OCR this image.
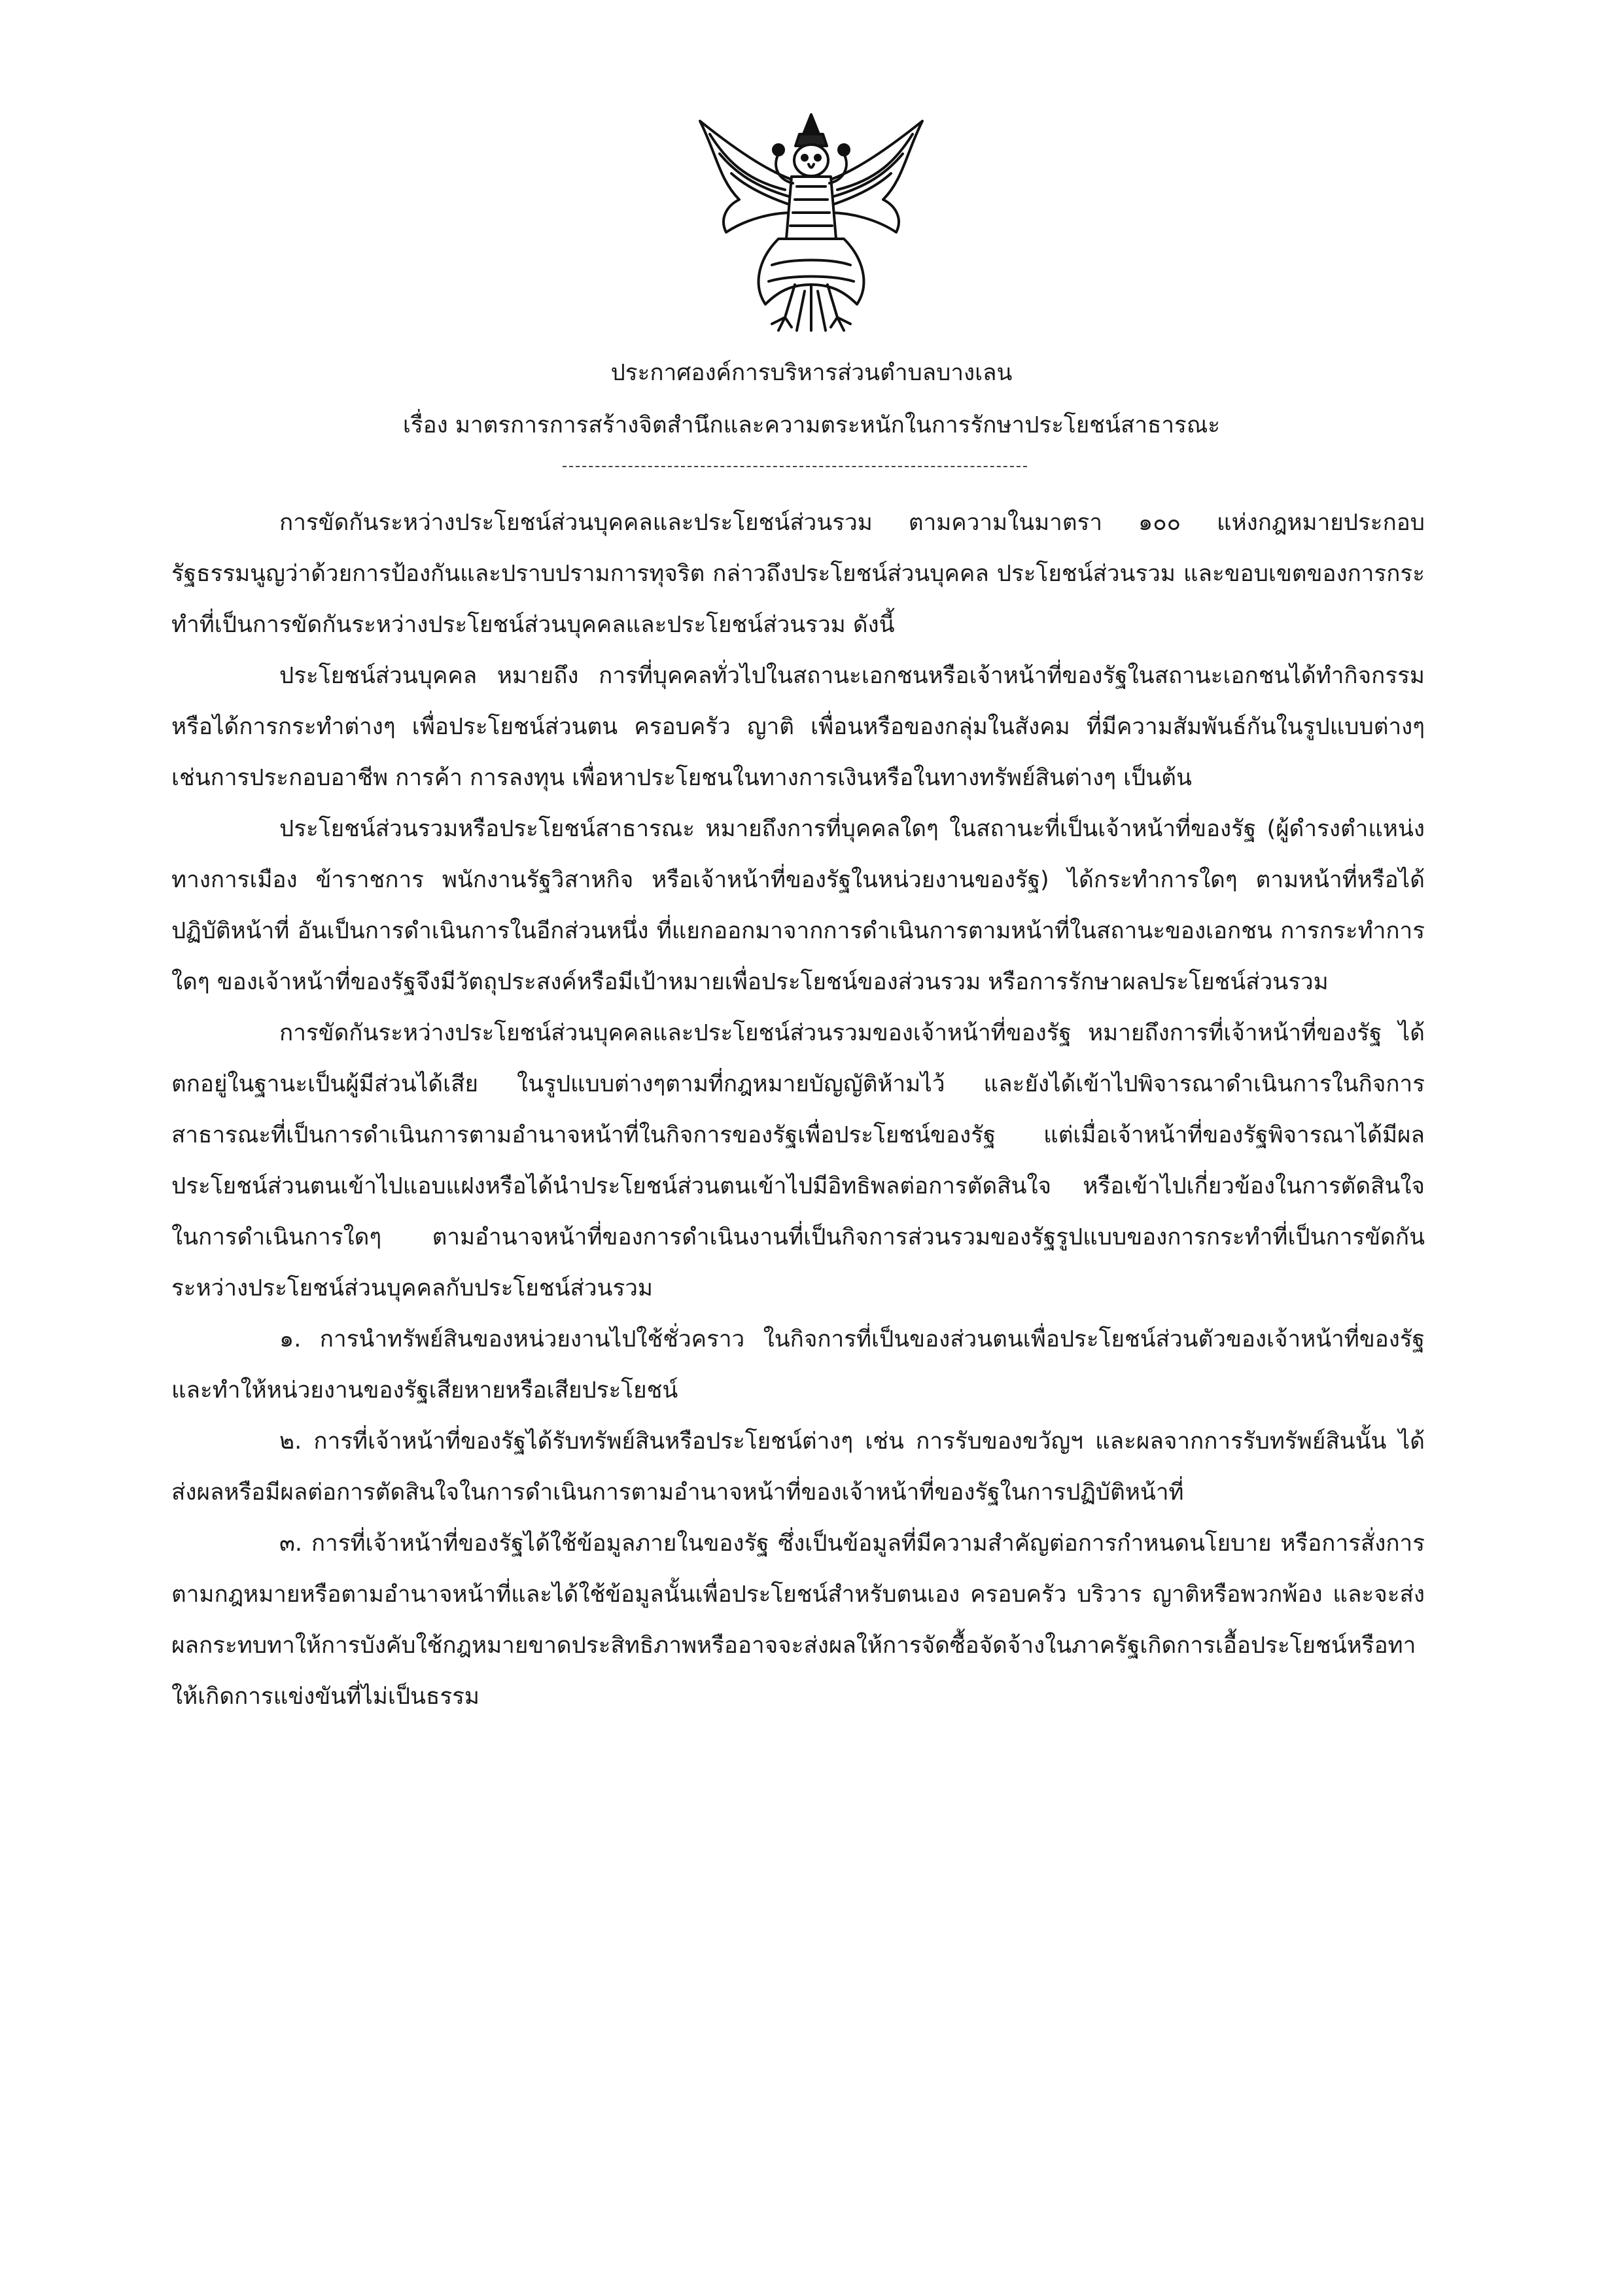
ประกาศองค์การบริหารส่วนตำบลบางเลน
เรื่อง มาตรการการสร้างจิตสำนึกและความตระหนักในการรักษาประโยชน์สาธารณะ

การขัดกันระหว่างประโยชน์ส่วนบุคคลและประโยชน์ส่วนรวม ตามความในมาตรา ๑๐๐ แห่งกฎหมายประกอบรัฐธรรมนูญว่าด้วยการป้องกันและปราบปรามการทุจริต กล่าวถึงประโยชน์ส่วนบุคคล ประโยชน์ส่วนรวม และขอบเขตของการกระทำที่เป็นการขัดกันระหว่างประโยชน์ส่วนบุคคลและประโยชน์ส่วนรวม ดังนี้

ประโยชน์ส่วนบุคคล หมายถึง การที่บุคคลทั่วไปในสถานะเอกชนหรือเจ้าหน้าที่ของรัฐในสถานะเอกชนได้ทำกิจกรรมหรือได้การกระทำต่างๆ เพื่อประโยชน์ส่วนตน ครอบครัว ญาติ เพื่อนหรือของกลุ่มในสังคม ที่มีความสัมพันธ์กันในรูปแบบต่างๆ เช่นการประกอบอาชีพ การค้า การลงทุน เพื่อหาประโยชนในทางการเงินหรือในทางทรัพย์สินต่างๆ เป็นต้น

ประโยชน์ส่วนรวมหรือประโยชน์สาธารณะ หมายถึงการที่บุคคลใดๆ ในสถานะที่เป็นเจ้าหน้าที่ของรัฐ (ผู้ดำรงตำแหน่งทางการเมือง ข้าราชการ พนักงานรัฐวิสาหกิจ หรือเจ้าหน้าที่ของรัฐในหน่วยงานของรัฐ) ได้กระทำการใดๆ ตามหน้าที่หรือได้ปฏิบัติหน้าที่ อันเป็นการดำเนินการในอีกส่วนหนึ่ง ที่แยกออกมาจากการดำเนินการตามหน้าที่ในสถานะของเอกชน การกระทำการใดๆ ของเจ้าหน้าที่ของรัฐจึงมีวัตถุประสงค์หรือมีเป้าหมายเพื่อประโยชน์ของส่วนรวม หรือการรักษาผลประโยชน์ส่วนรวม

การขัดกันระหว่างประโยชน์ส่วนบุคคลและประโยชน์ส่วนรวมของเจ้าหน้าที่ของรัฐ หมายถึงการที่เจ้าหน้าที่ของรัฐ ได้ตกอยู่ในฐานะเป็นผู้มีส่วนได้เสีย ในรูปแบบต่างๆตามที่กฎหมายบัญญัติห้ามไว้ และยังได้เข้าไปพิจารณาดำเนินการในกิจการสาธารณะที่เป็นการดำเนินการตามอำนาจหน้าที่ในกิจการของรัฐเพื่อประโยชน์ของรัฐ แต่เมื่อเจ้าหน้าที่ของรัฐพิจารณาได้มีผลประโยชน์ส่วนตนเข้าไปแอบแฝงหรือได้นำประโยชน์ส่วนตนเข้าไปมีอิทธิพลต่อการตัดสินใจ หรือเข้าไปเกี่ยวข้องในการตัดสินใจในการดำเนินการใดๆ ตามอำนาจหน้าที่ของการดำเนินงานที่เป็นกิจการส่วนรวมของรัฐรูปแบบของการกระทำที่เป็นการขัดกันระหว่างประโยชน์ส่วนบุคคลกับประโยชน์ส่วนรวม

๑. การนำทรัพย์สินของหน่วยงานไปใช้ชั่วคราว ในกิจการที่เป็นของส่วนตนเพื่อประโยชน์ส่วนตัวของเจ้าหน้าที่ของรัฐและทำให้หน่วยงานของรัฐเสียหายหรือเสียประโยชน์

๒. การที่เจ้าหน้าที่ของรัฐได้รับทรัพย์สินหรือประโยชน์ต่างๆ เช่น การรับของขวัญฯ และผลจากการรับทรัพย์สินนั้น ได้ส่งผลหรือมีผลต่อการตัดสินใจในการดำเนินการตามอำนาจหน้าที่ของเจ้าหน้าที่ของรัฐในการปฏิบัติหน้าที่

๓. การที่เจ้าหน้าที่ของรัฐได้ใช้ข้อมูลภายในของรัฐ ซึ่งเป็นข้อมูลที่มีความสำคัญต่อการกำหนดนโยบาย หรือการสั่งการตามกฎหมายหรือตามอำนาจหน้าที่และได้ใช้ข้อมูลนั้นเพื่อประโยชน์สำหรับตนเอง ครอบครัว บริวาร ญาติหรือพวกพ้อง และจะส่งผลกระทบทาให้การบังคับใช้กฎหมายขาดประสิทธิภาพหรืออาจจะส่งผลให้การจัดซื้อจัดจ้างในภาครัฐเกิดการเอื้อประโยชน์หรือทาให้เกิดการแข่งขันที่ไม่เป็นธรรม
